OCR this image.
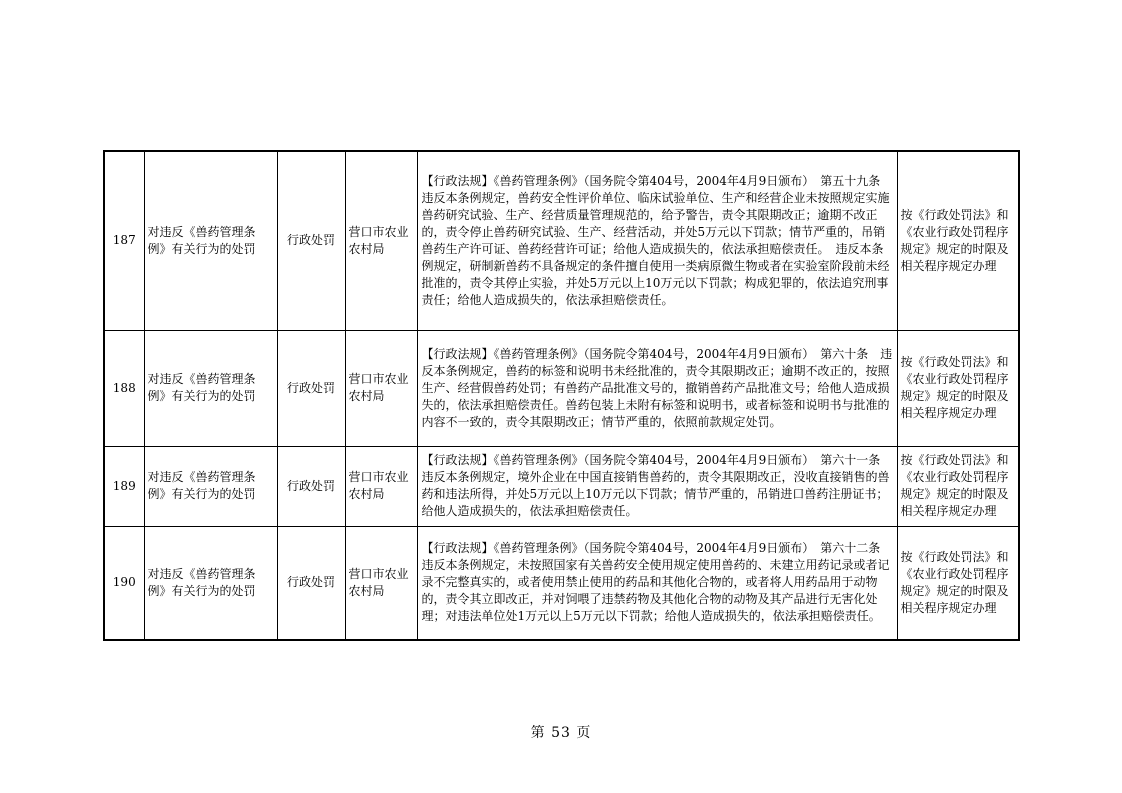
187	对违反《兽药管理条例》有关行为的处罚	行政处罚	营口市农业农村局	【行政法规】《兽药管理条例》（国务院令第404号，2004年4月9日颁布）　第五十九条　违反本条例规定，兽药安全性评价单位、临床试验单位、生产和经营企业未按照规定实施兽药研究试验、生产、经营质量管理规范的，给予警告，责令其限期改正；逾期不改正的，责令停止兽药研究试验、生产、经营活动，并处5万元以下罚款；情节严重的，吊销兽药生产许可证、兽药经营许可证；给他人造成损失的，依法承担赔偿责任。　违反本条例规定，研制新兽药不具备规定的条件擅自使用一类病原微生物或者在实验室阶段前未经批准的，责令其停止实验，并处5万元以上10万元以下罚款；构成犯罪的，依法追究刑事责任；给他人造成损失的，依法承担赔偿责任。	按《行政处罚法》和《农业行政处罚程序规定》规定的时限及相关程序规定办理
188	对违反《兽药管理条例》有关行为的处罚	行政处罚	营口市农业农村局	【行政法规】《兽药管理条例》（国务院令第404号，2004年4月9日颁布）　第六十条　违反本条例规定，兽药的标签和说明书未经批准的，责令其限期改正；逾期不改正的，按照生产、经营假兽药处罚；有兽药产品批准文号的，撤销兽药产品批准文号；给他人造成损失的，依法承担赔偿责任。兽药包装上未附有标签和说明书，或者标签和说明书与批准的内容不一致的，责令其限期改正；情节严重的，依照前款规定处罚。	按《行政处罚法》和《农业行政处罚程序规定》规定的时限及相关程序规定办理
189	对违反《兽药管理条例》有关行为的处罚	行政处罚	营口市农业农村局	【行政法规】《兽药管理条例》（国务院令第404号，2004年4月9日颁布）　第六十一条　违反本条例规定，境外企业在中国直接销售兽药的，责令其限期改正，没收直接销售的兽药和违法所得，并处5万元以上10万元以下罚款；情节严重的，吊销进口兽药注册证书；给他人造成损失的，依法承担赔偿责任。	按《行政处罚法》和《农业行政处罚程序规定》规定的时限及相关程序规定办理
190	对违反《兽药管理条例》有关行为的处罚	行政处罚	营口市农业农村局	【行政法规】《兽药管理条例》（国务院令第404号，2004年4月9日颁布）　第六十二条　违反本条例规定，未按照国家有关兽药安全使用规定使用兽药的、未建立用药记录或者记录不完整真实的，或者使用禁止使用的药品和其他化合物的，或者将人用药品用于动物的，责令其立即改正，并对饲喂了违禁药物及其他化合物的动物及其产品进行无害化处理；对违法单位处1万元以上5万元以下罚款；给他人造成损失的，依法承担赔偿责任。	按《行政处罚法》和《农业行政处罚程序规定》规定的时限及相关程序规定办理
第 53 页
